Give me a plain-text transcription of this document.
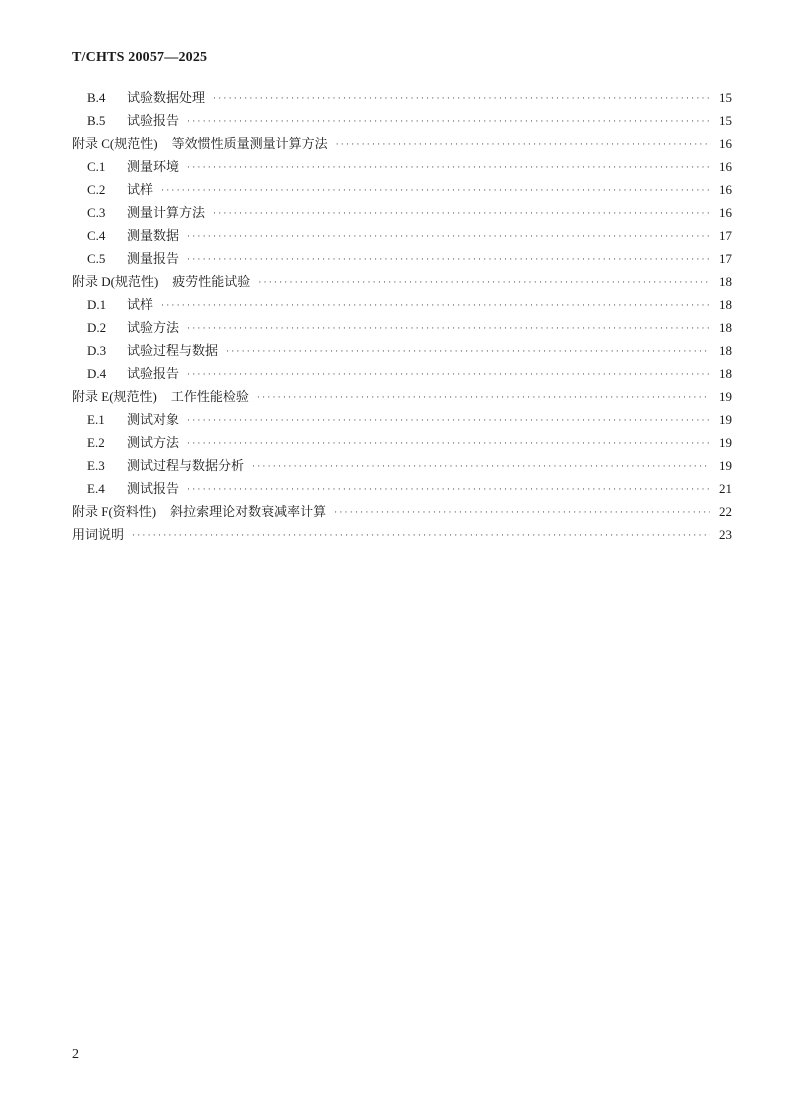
T/CHTS 20057—2025
B.4	试验数据处理 ·····	15
B.5	试验报告 ·····	15
附录 C(规范性) 等效惯性质量测量计算方法 ·····	16
C.1	测量环境 ·····	16
C.2	试样 ·····	16
C.3	测量计算方法 ·····	16
C.4	测量数据 ·····	17
C.5	测量报告 ·····	17
附录 D(规范性) 疲劳性能试验 ·····	18
D.1	试样 ·····	18
D.2	试验方法 ·····	18
D.3	试验过程与数据 ·····	18
D.4	试验报告 ·····	18
附录 E(规范性) 工作性能检验 ·····	19
E.1	测试对象 ·····	19
E.2	测试方法 ·····	19
E.3	测试过程与数据分析 ·····	19
E.4	测试报告 ·····	21
附录 F(资料性) 斜拉索理论对数衰减率计算 ·····	22
用词说明 ·····	23
2
